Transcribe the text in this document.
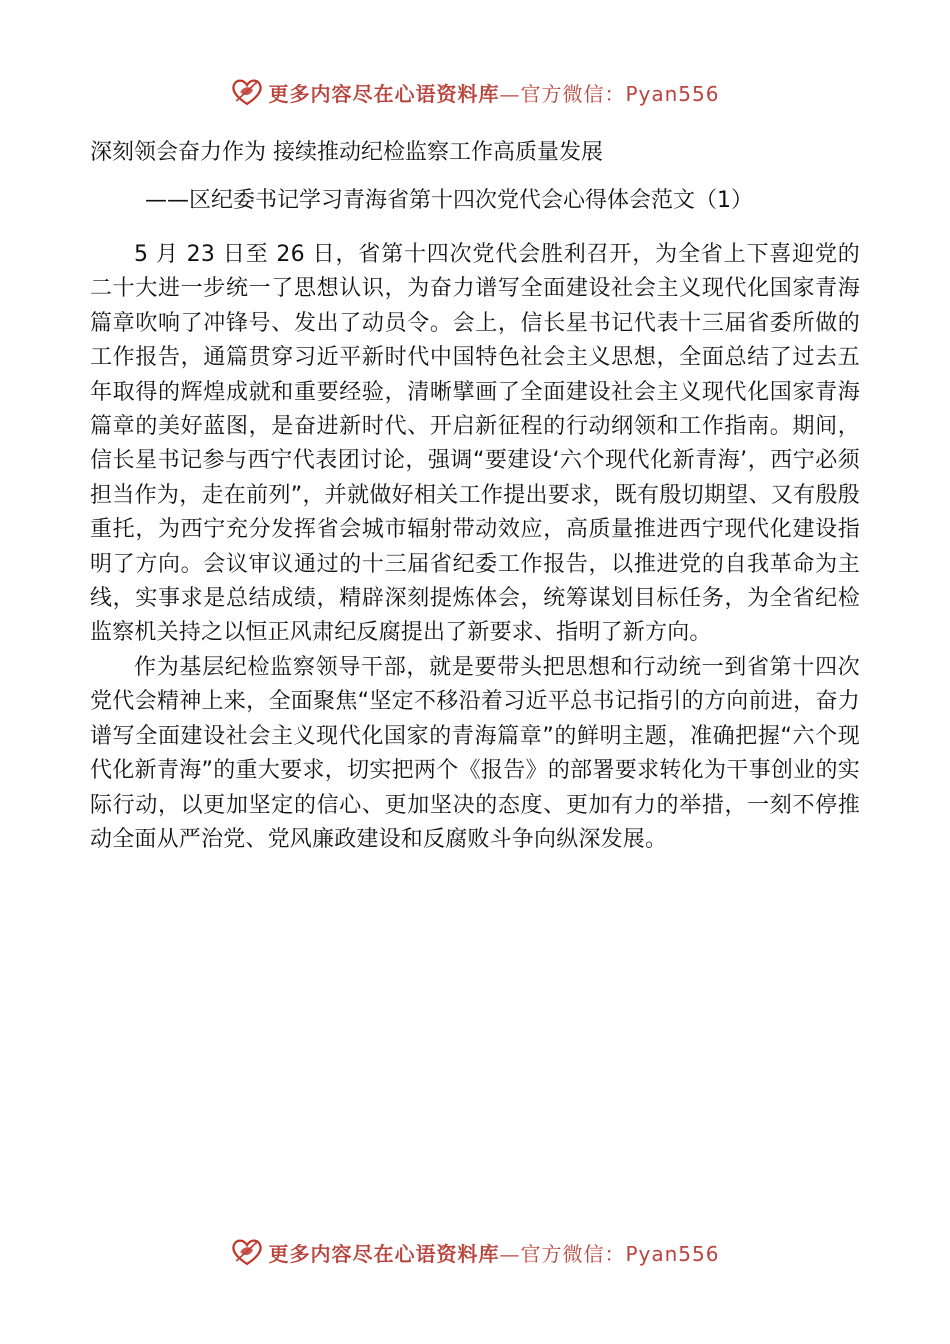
更多内容尽在心语资料库—官方微信：Pyan556
深刻领会奋力作为 接续推动纪检监察工作高质量发展
——区纪委书记学习青海省第十四次党代会心得体会范文（1）

5 月 23 日至 26 日，省第十四次党代会胜利召开，为全省上下喜迎党的二十大进一步统一了思想认识，为奋力谱写全面建设社会主义现代化国家青海篇章吹响了冲锋号、发出了动员令。会上，信长星书记代表十三届省委所做的工作报告，通篇贯穿习近平新时代中国特色社会主义思想，全面总结了过去五年取得的辉煌成就和重要经验，清晰擘画了全面建设社会主义现代化国家青海篇章的美好蓝图，是奋进新时代、开启新征程的行动纲领和工作指南。期间，信长星书记参与西宁代表团讨论，强调“要建设‘六个现代化新青海’，西宁必须担当作为，走在前列”，并就做好相关工作提出要求，既有殷切期望、又有殷殷重托，为西宁充分发挥省会城市辐射带动效应，高质量推进西宁现代化建设指明了方向。会议审议通过的十三届省纪委工作报告，以推进党的自我革命为主线，实事求是总结成绩，精辟深刻提炼体会，统筹谋划目标任务，为全省纪检监察机关持之以恒正风肃纪反腐提出了新要求、指明了新方向。

作为基层纪检监察领导干部，就是要带头把思想和行动统一到省第十四次党代会精神上来，全面聚焦“坚定不移沿着习近平总书记指引的方向前进，奋力谱写全面建设社会主义现代化国家的青海篇章”的鲜明主题，准确把握“六个现代化新青海”的重大要求，切实把两个《报告》的部署要求转化为干事创业的实际行动，以更加坚定的信心、更加坚决的态度、更加有力的举措，一刻不停推动全面从严治党、党风廉政建设和反腐败斗争向纵深发展。

更多内容尽在心语资料库—官方微信：Pyan556
